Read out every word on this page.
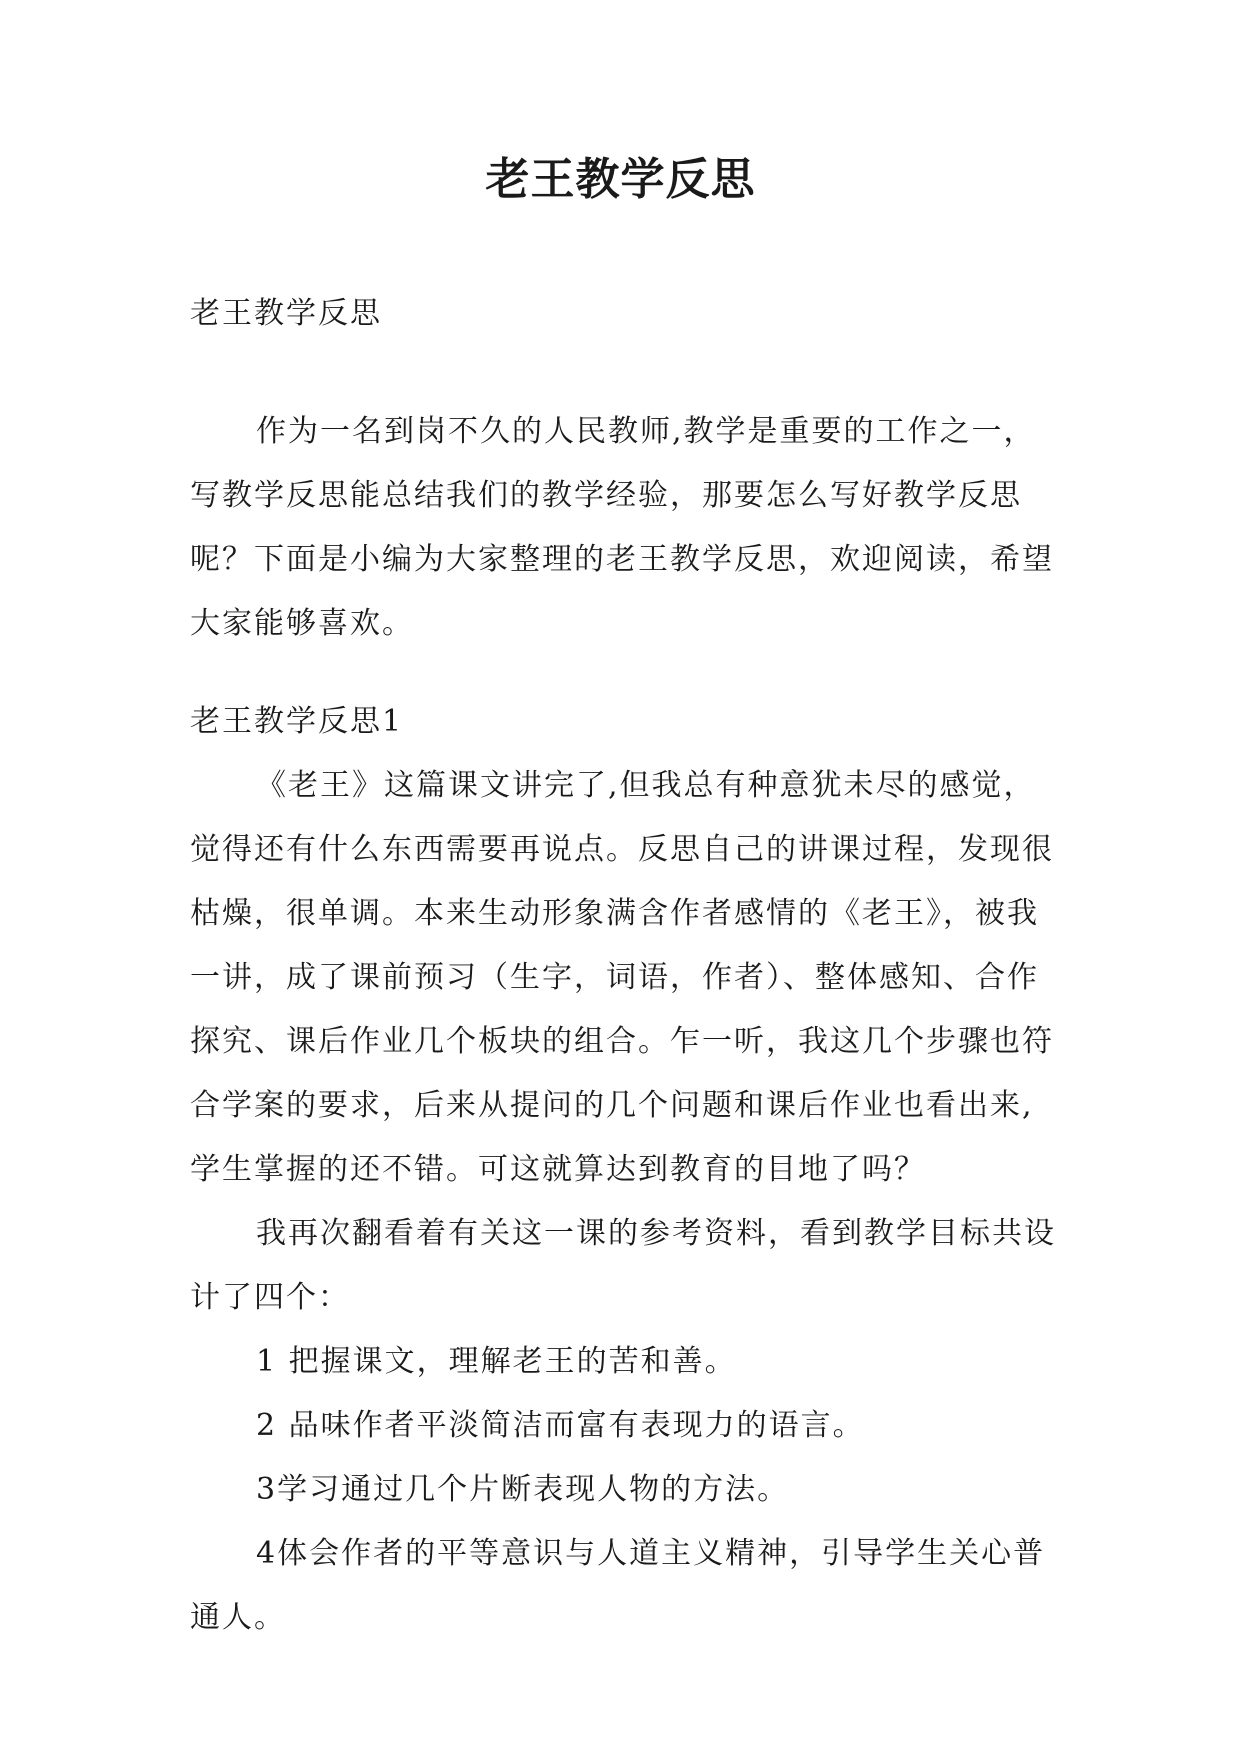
老王教学反思

老王教学反思

作为一名到岗不久的人民教师,教学是重要的工作之一，写教学反思能总结我们的教学经验，那要怎么写好教学反思呢？下面是小编为大家整理的老王教学反思，欢迎阅读，希望大家能够喜欢。

老王教学反思1

《老王》这篇课文讲完了,但我总有种意犹未尽的感觉，觉得还有什么东西需要再说点。反思自己的讲课过程，发现很枯燥，很单调。本来生动形象满含作者感情的《老王》，被我一讲，成了课前预习（生字，词语，作者）、整体感知、合作探究、课后作业几个板块的组合。乍一听，我这几个步骤也符合学案的要求，后来从提问的几个问题和课后作业也看出来,学生掌握的还不错。可这就算达到教育的目地了吗？

我再次翻看着有关这一课的参考资料，看到教学目标共设计了四个：

1 把握课文，理解老王的苦和善。

2 品味作者平淡简洁而富有表现力的语言。

3学习通过几个片断表现人物的方法。

4体会作者的平等意识与人道主义精神，引导学生关心普通人。
